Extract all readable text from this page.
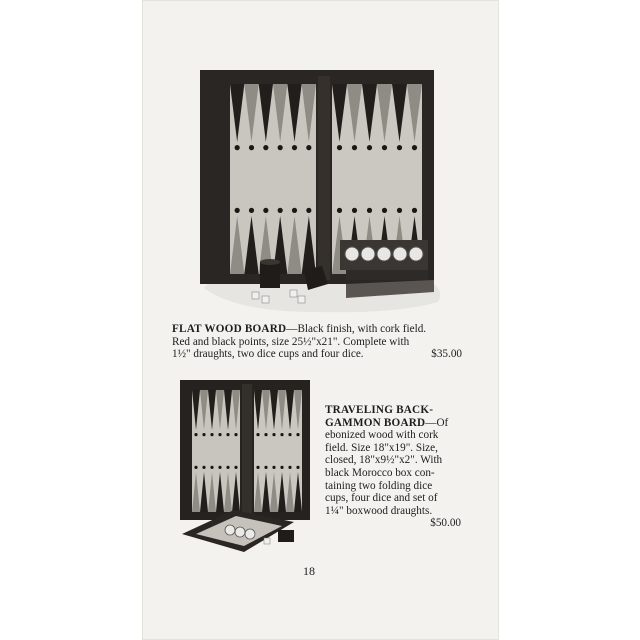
FLAT WOOD BOARD—Black finish, with cork field.
Red and black points, size 25½"x21". Complete with
1½" draughts, two dice cups and four dice.	$35.00
TRAVELING BACK-
GAMMON BOARD—Of
ebonized wood with cork
field. Size 18"x19". Size,
closed, 18"x9½"x2". With
black Morocco box con-
taining two folding dice
cups, four dice and set of
1¼" boxwood draughts.
$50.00
18
